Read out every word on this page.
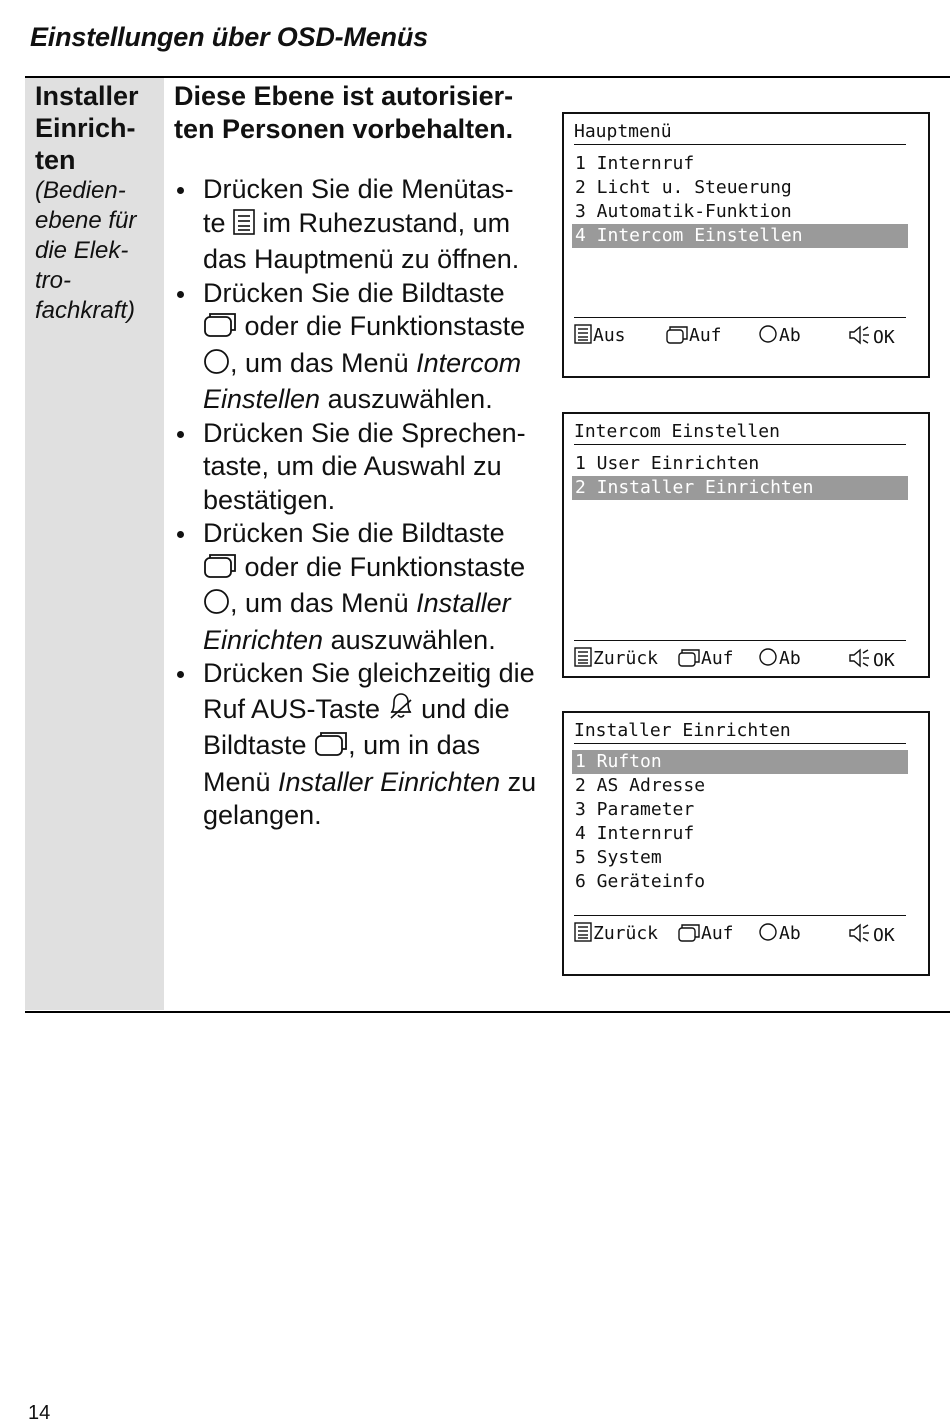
Einstellungen über OSD-Menüs
Installer
Einrich-
ten
(Bedien-
ebene für
die Elek-
tro-
fachkraft)
Diese Ebene ist autorisier-
ten Personen vorbehalten.
Drücken Sie die Menütas-
te  im Ruhezustand, um das Hauptmenü zu öffnen.
Drücken Sie die Bildtaste
oder die Funktionstaste , um das Menü Intercom Einstellen auszuwählen.
Drücken Sie die Sprechen-taste, um die Auswahl zu bestätigen.
Drücken Sie die Bildtaste
oder die Funktionstaste , um das Menü Installer Einrichten auszuwählen.
Drücken Sie gleichzeitig die Ruf AUS-Taste  und die Bildtaste , um in das Menü Installer Einrichten zu gelangen.
Hauptmenü
1 Internruf
2 Licht u. Steuerung
3 Automatik-Funktion
4 Intercom Einstellen
Aus	Auf	Ab	OK
Intercom Einstellen
1 User Einrichten
2 Installer Einrichten
Zurück	Auf	Ab	OK
Installer Einrichten
1 Rufton
2 AS Adresse
3 Parameter
4 Internruf
5 System
6 Geräteinfo
Zurück	Auf	Ab	OK
14
